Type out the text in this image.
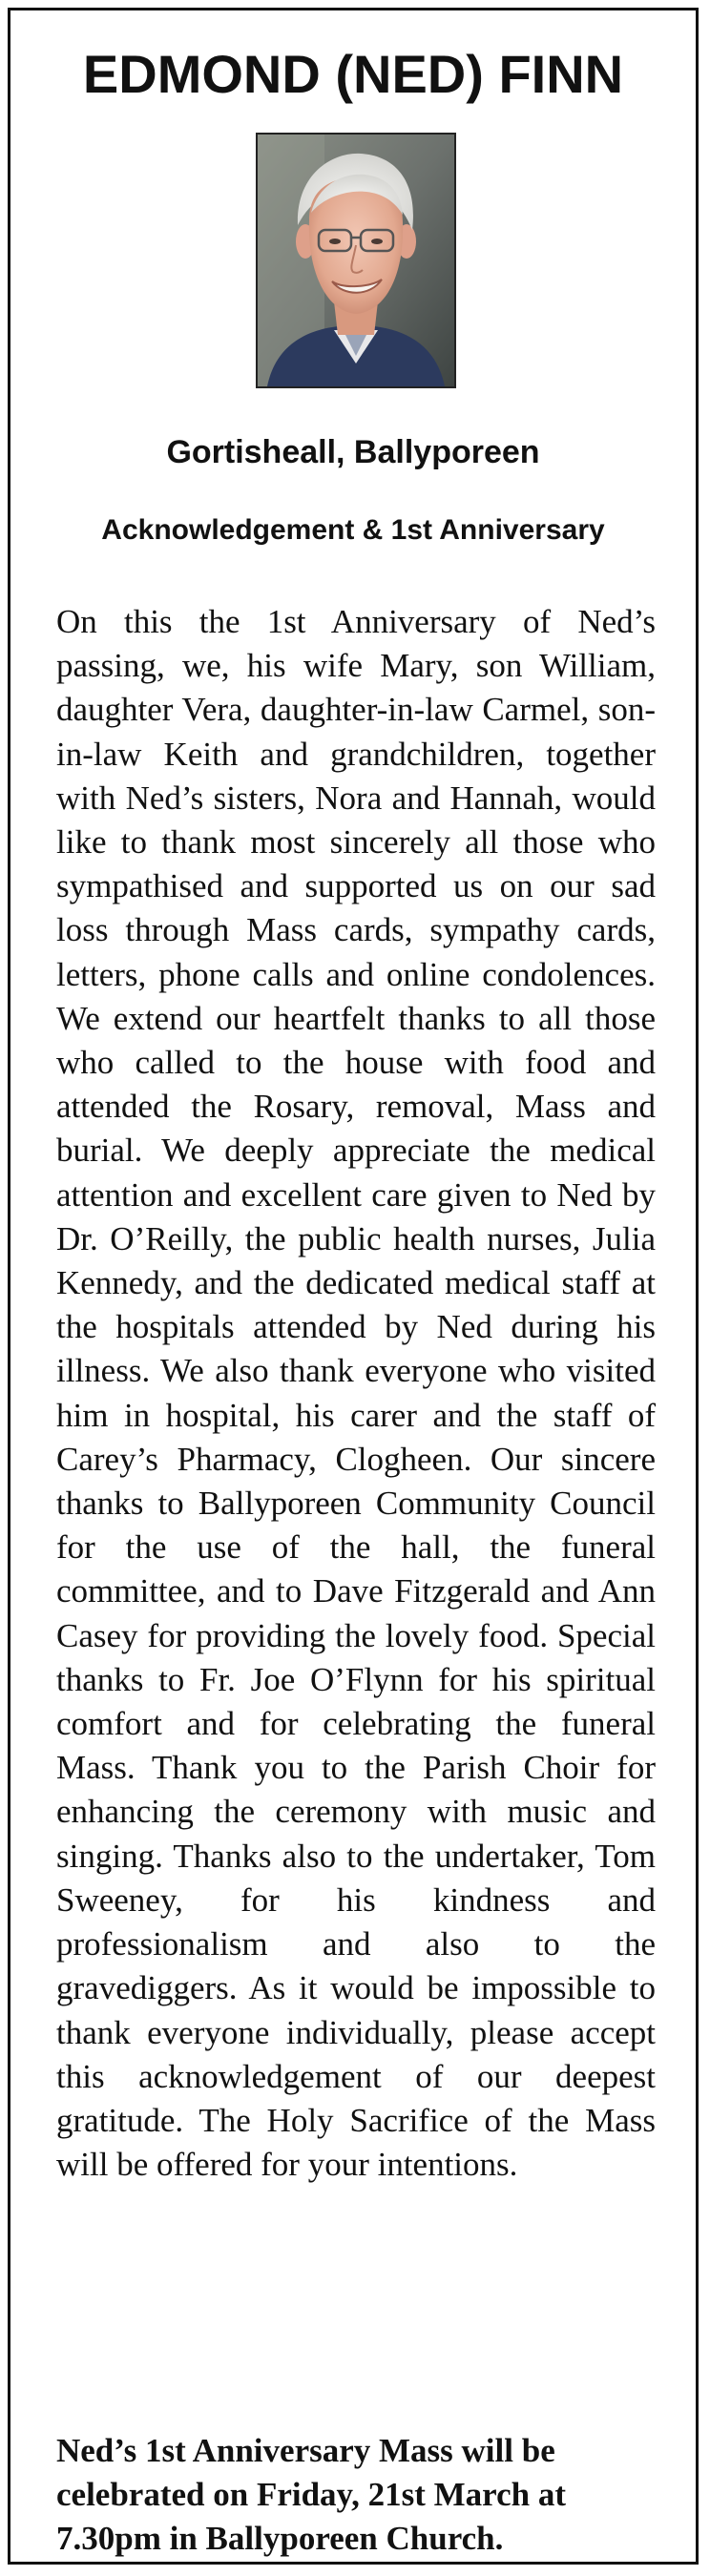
EDMOND (NED) FINN
Gortisheall, Ballyporeen
Acknowledgement & 1st Anniversary
On this the 1st Anniversary of Ned’s passing, we, his wife Mary, son William, daughter Vera, daughter-in-law Carmel, son-in-law Keith and grandchildren, together with Ned’s sisters, Nora and Hannah, would like to thank most sincerely all those who sympathised and supported us on our sad loss through Mass cards, sympathy cards, letters, phone calls and online condolences. We extend our heartfelt thanks to all those who called to the house with food and attended the Rosary, removal, Mass and burial. We deeply appreciate the medical attention and excellent care given to Ned by Dr. O’Reilly, the public health nurses, Julia Kennedy, and the dedicated medical staff at the hospitals attended by Ned during his illness. We also thank everyone who visited him in hospital, his carer and the staff of Carey’s Pharmacy, Clogheen. Our sincere thanks to Ballyporeen Community Council for the use of the hall, the funeral committee, and to Dave Fitzgerald and Ann Casey for providing the lovely food. Special thanks to Fr. Joe O’Flynn for his spiritual comfort and for celebrating the funeral Mass. Thank you to the Parish Choir for enhancing the ceremony with music and singing. Thanks also to the undertaker, Tom Sweeney, for his kindness and professionalism and also to the gravediggers. As it would be impossible to thank everyone individually, please accept this acknowledgement of our deepest gratitude. The Holy Sacrifice of the Mass will be offered for your intentions.
Ned’s 1st Anniversary Mass will be celebrated on Friday, 21st March at 7.30pm in Ballyporeen Church.
